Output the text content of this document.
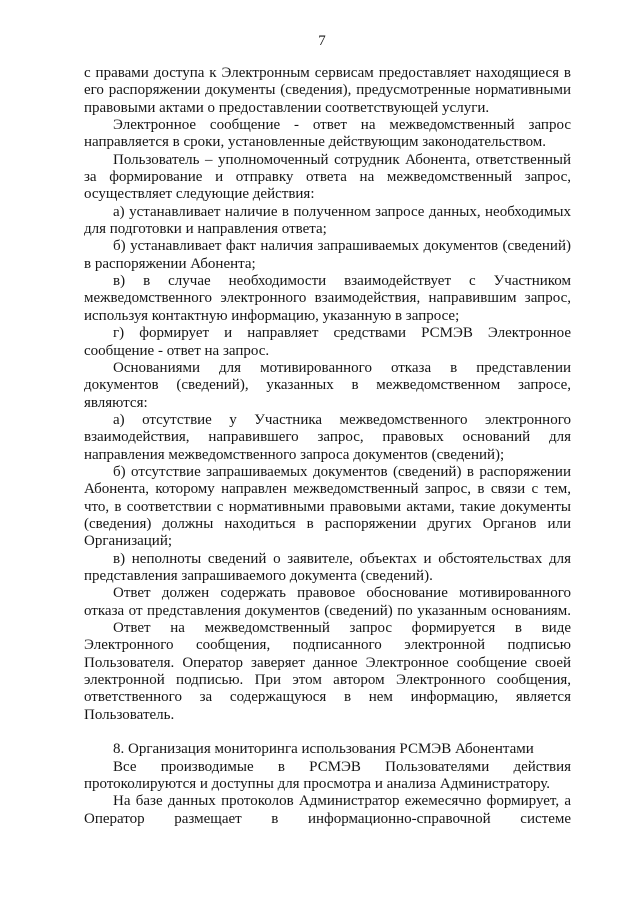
7
с правами доступа к Электронным сервисам предоставляет находящиеся в
его распоряжении документы (сведения), предусмотренные нормативными
правовыми актами о предоставлении соответствующей услуги.
Электронное сообщение - ответ на межведомственный запрос
направляется в сроки, установленные действующим законодательством.
Пользователь – уполномоченный сотрудник Абонента, ответственный
за формирование и отправку ответа на межведомственный запрос,
осуществляет следующие действия:
а) устанавливает наличие в полученном запросе данных, необходимых
для подготовки и направления ответа;
б) устанавливает факт наличия запрашиваемых документов (сведений)
в распоряжении Абонента;
в) в случае необходимости взаимодействует с Участником
межведомственного электронного взаимодействия, направившим запрос,
используя контактную информацию, указанную в запросе;
г) формирует и направляет средствами РСМЭВ Электронное
сообщение - ответ на запрос.
Основаниями для мотивированного отказа в представлении
документов (сведений), указанных в межведомственном запросе,
являются:
а) отсутствие у Участника межведомственного электронного
взаимодействия, направившего запрос, правовых оснований для
направления межведомственного запроса документов (сведений);
б) отсутствие запрашиваемых документов (сведений) в распоряжении
Абонента, которому направлен межведомственный запрос, в связи с тем,
что, в соответствии с нормативными правовыми актами, такие документы
(сведения) должны находиться в распоряжении других Органов или
Организаций;
в) неполноты сведений о заявителе, объектах и обстоятельствах для
представления запрашиваемого документа (сведений).
Ответ должен содержать правовое обоснование мотивированного
отказа от представления документов (сведений) по указанным основаниям.
Ответ на межведомственный запрос формируется в виде
Электронного сообщения, подписанного электронной подписью
Пользователя. Оператор заверяет данное Электронное сообщение своей
электронной подписью. При этом автором Электронного сообщения,
ответственного за содержащуюся в нем информацию, является
Пользователь.
8. Организация мониторинга использования РСМЭВ Абонентами
Все производимые в РСМЭВ Пользователями действия
протоколируются и доступны для просмотра и анализа Администратору.
На базе данных протоколов Администратор ежемесячно формирует, а
Оператор размещает в информационно-справочной системе
